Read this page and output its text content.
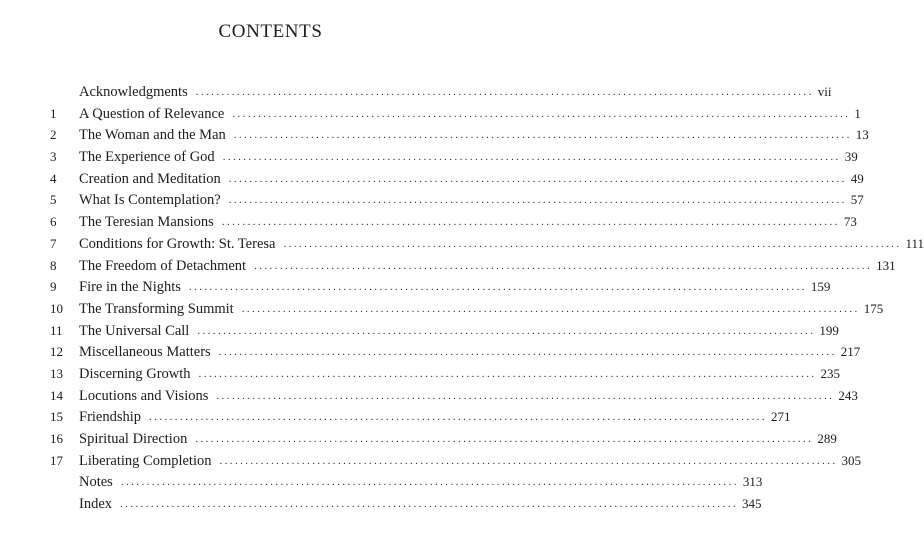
CONTENTS
Acknowledgments ........................................................................................................................ vii
1	A Question of Relevance ........................................................................................................................ 1
2	The Woman and the Man ........................................................................................................................ 13
3	The Experience of God ........................................................................................................................ 39
4	Creation and Meditation ........................................................................................................................ 49
5	What Is Contemplation? ........................................................................................................................ 57
6	The Teresian Mansions ........................................................................................................................ 73
7	Conditions for Growth: St. Teresa ........................................................................................................................ 111
8	The Freedom of Detachment ........................................................................................................................ 131
9	Fire in the Nights ........................................................................................................................ 159
10	The Transforming Summit ........................................................................................................................ 175
11	The Universal Call ........................................................................................................................ 199
12	Miscellaneous Matters ........................................................................................................................ 217
13	Discerning Growth ........................................................................................................................ 235
14	Locutions and Visions ........................................................................................................................ 243
15	Friendship ........................................................................................................................ 271
16	Spiritual Direction ........................................................................................................................ 289
17	Liberating Completion ........................................................................................................................ 305
Notes ........................................................................................................................ 313
Index ........................................................................................................................ 345
